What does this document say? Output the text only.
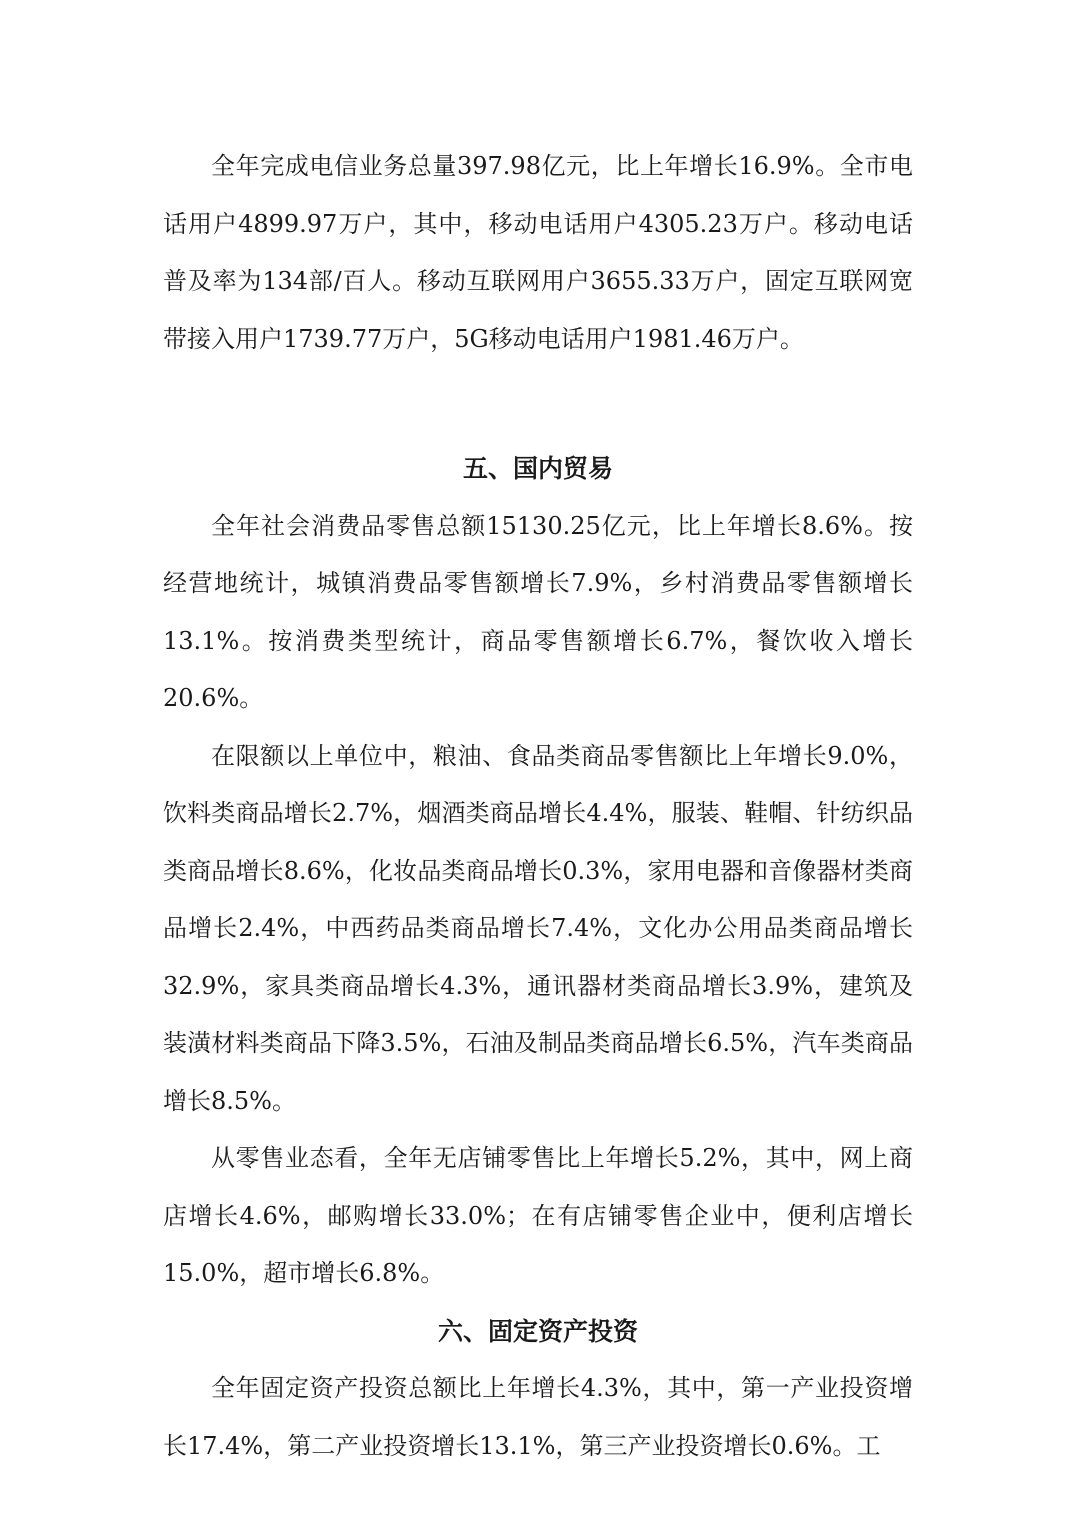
全年完成电信业务总量397.98亿元，比上年增长16.9%。全市电话用户4899.97万户，其中，移动电话用户4305.23万户。移动电话普及率为134部/百人。移动互联网用户3655.33万户，固定互联网宽带接入用户1739.77万户，5G移动电话用户1981.46万户。

五、国内贸易

全年社会消费品零售总额15130.25亿元，比上年增长8.6%。按经营地统计，城镇消费品零售额增长7.9%，乡村消费品零售额增长13.1%。按消费类型统计，商品零售额增长6.7%，餐饮收入增长20.6%。

在限额以上单位中，粮油、食品类商品零售额比上年增长9.0%，饮料类商品增长2.7%，烟酒类商品增长4.4%，服装、鞋帽、针纺织品类商品增长8.6%，化妆品类商品增长0.3%，家用电器和音像器材类商品增长2.4%，中西药品类商品增长7.4%，文化办公用品类商品增长32.9%，家具类商品增长4.3%，通讯器材类商品增长3.9%，建筑及装潢材料类商品下降3.5%，石油及制品类商品增长6.5%，汽车类商品增长8.5%。

从零售业态看，全年无店铺零售比上年增长5.2%，其中，网上商店增长4.6%，邮购增长33.0%；在有店铺零售企业中，便利店增长15.0%，超市增长6.8%。

六、固定资产投资

全年固定资产投资总额比上年增长4.3%，其中，第一产业投资增长17.4%，第二产业投资增长13.1%，第三产业投资增长0.6%。工
